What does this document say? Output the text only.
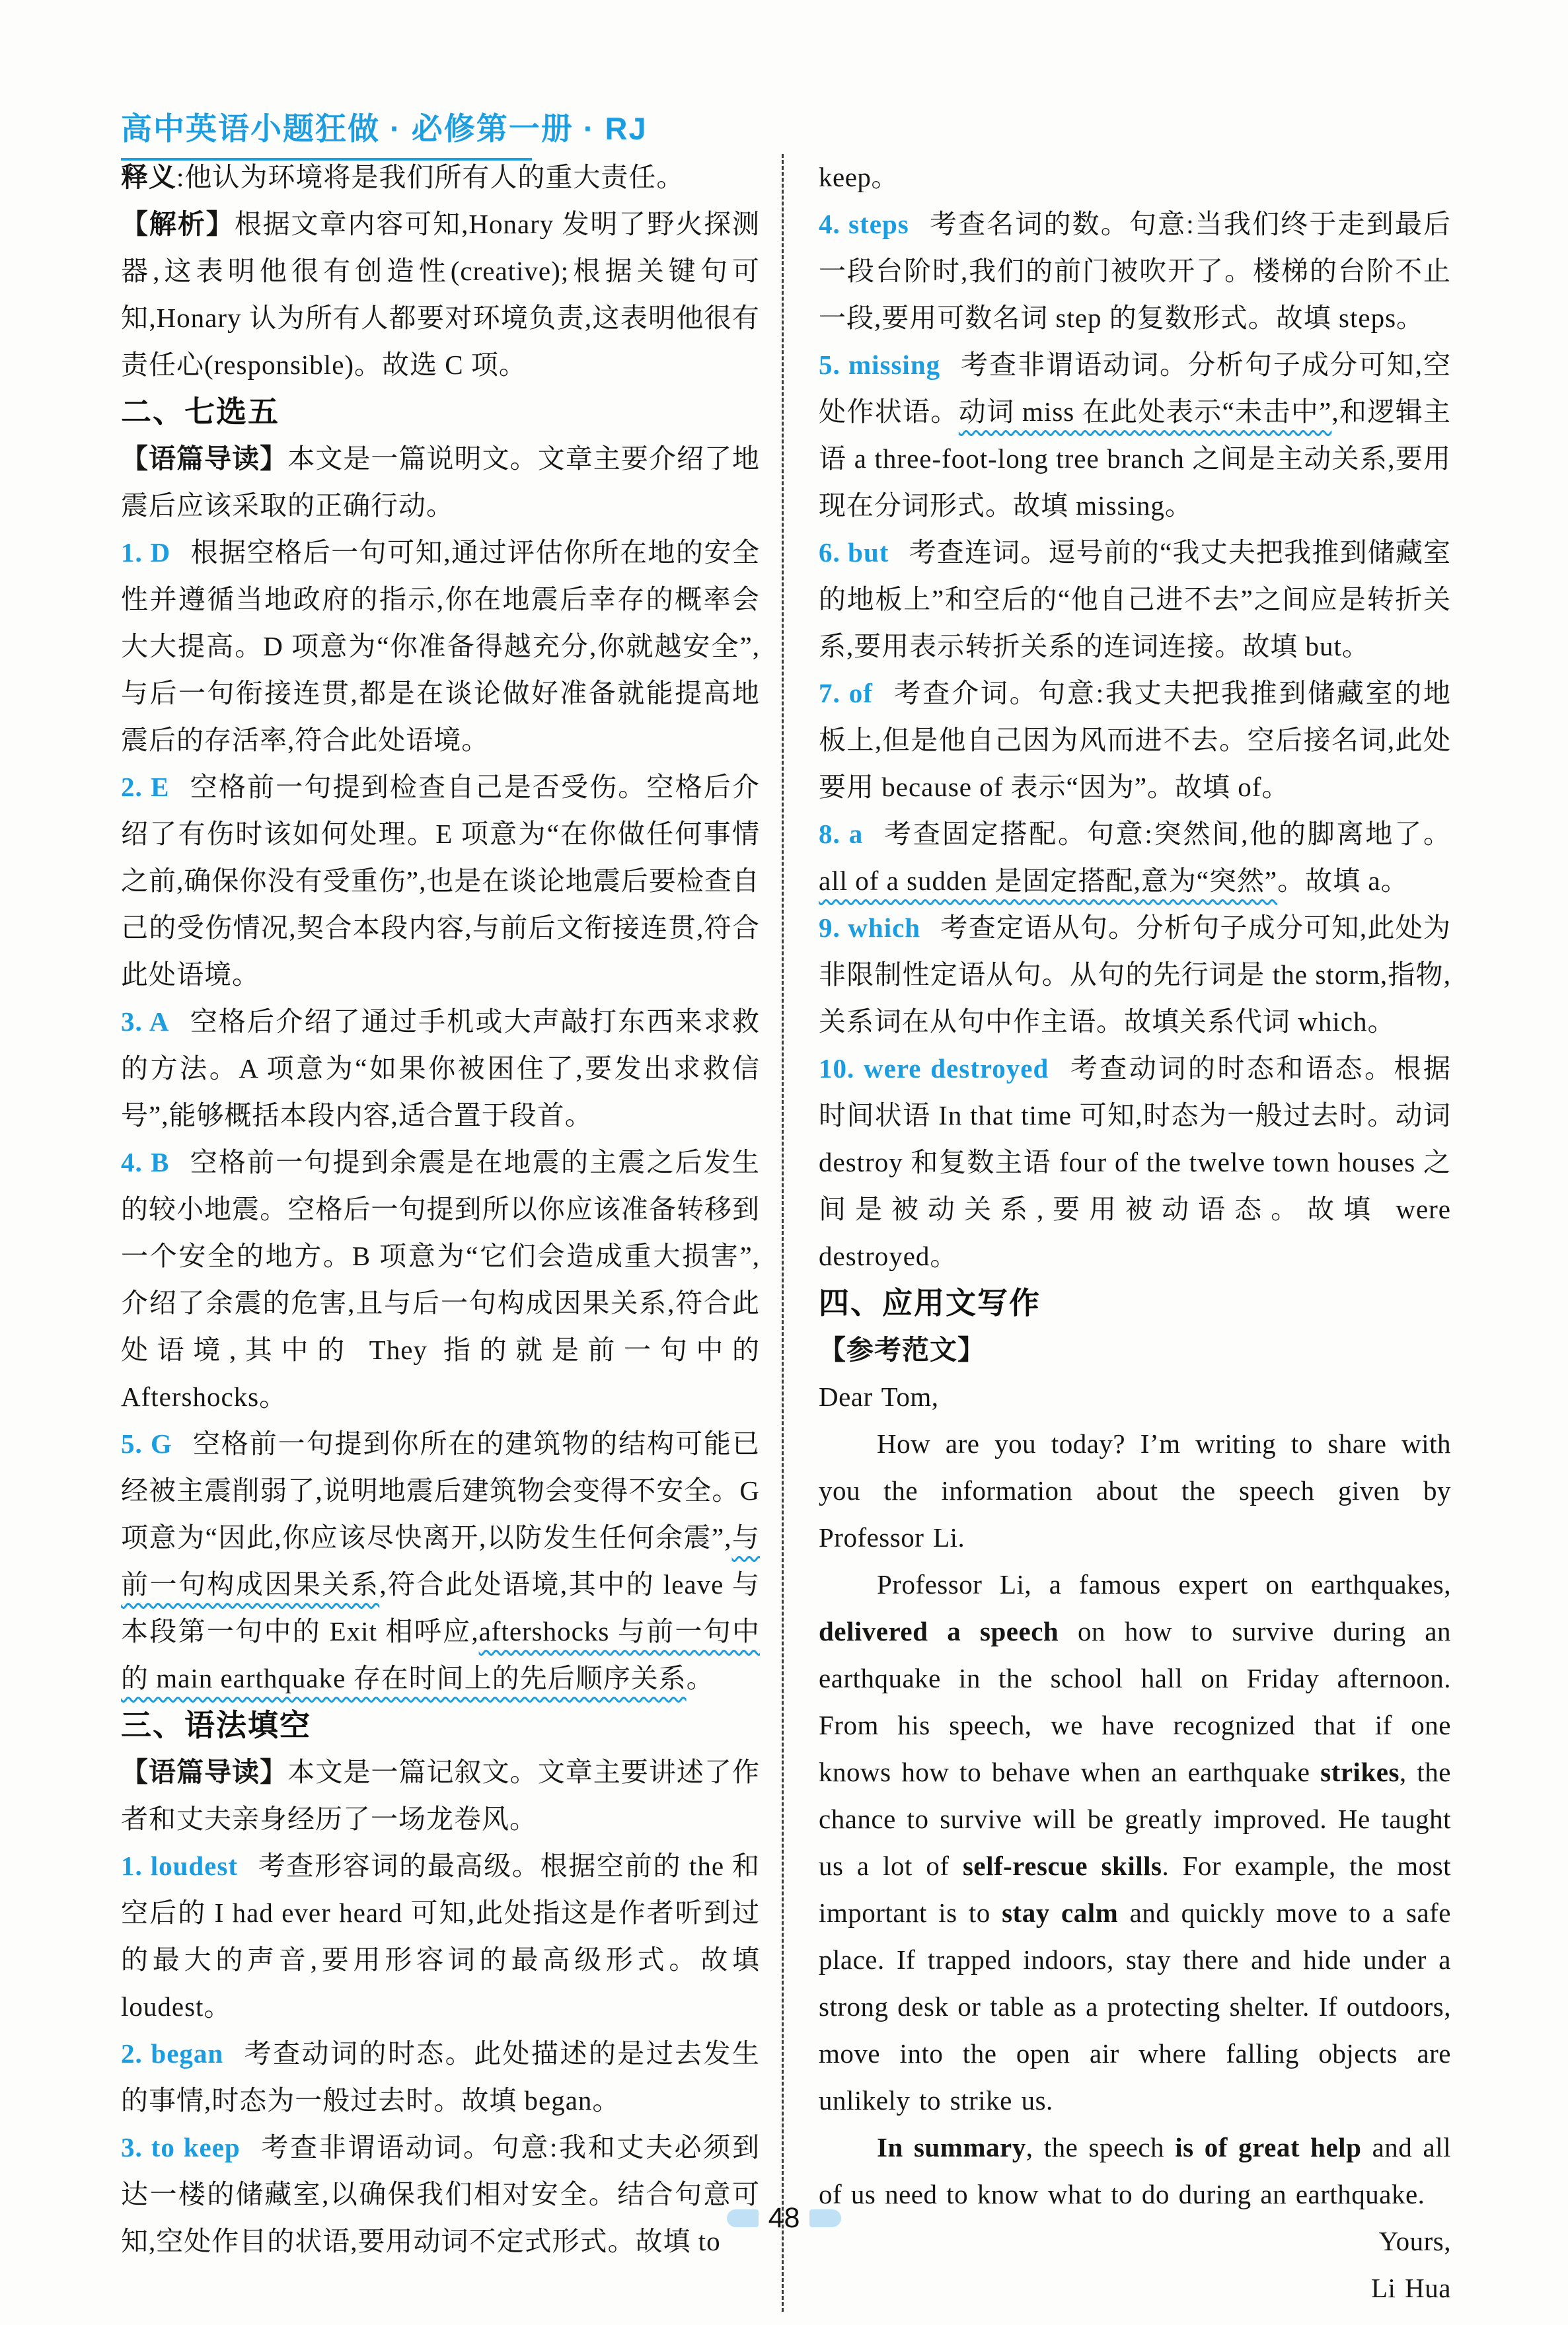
高中英语小题狂做 · 必修第一册 · RJ

释义:他认为环境将是我们所有人的重大责任。

【解析】根据文章内容可知,Honary 发明了野火探测器,这表明他很有创造性(creative);根据关键句可知,Honary 认为所有人都要对环境负责,这表明他很有责任心(responsible)。故选 C 项。

二、七选五

【语篇导读】本文是一篇说明文。文章主要介绍了地震后应该采取的正确行动。

1. D 根据空格后一句可知,通过评估你所在地的安全性并遵循当地政府的指示,你在地震后幸存的概率会大大提高。D 项意为“你准备得越充分,你就越安全”,与后一句衔接连贯,都是在谈论做好准备就能提高地震后的存活率,符合此处语境。

2. E 空格前一句提到检查自己是否受伤。空格后介绍了有伤时该如何处理。E 项意为“在你做任何事情之前,确保你没有受重伤”,也是在谈论地震后要检查自己的受伤情况,契合本段内容,与前后文衔接连贯,符合此处语境。

3. A 空格后介绍了通过手机或大声敲打东西来求救的方法。A 项意为“如果你被困住了,要发出求救信号”,能够概括本段内容,适合置于段首。

4. B 空格前一句提到余震是在地震的主震之后发生的较小地震。空格后一句提到所以你应该准备转移到一个安全的地方。B 项意为“它们会造成重大损害”,介绍了余震的危害,且与后一句构成因果关系,符合此处语境,其中的 They 指的就是前一句中的 Aftershocks。

5. G 空格前一句提到你所在的建筑物的结构可能已经被主震削弱了,说明地震后建筑物会变得不安全。G 项意为“因此,你应该尽快离开,以防发生任何余震”,与前一句构成因果关系,符合此处语境,其中的 leave 与本段第一句中的 Exit 相呼应,aftershocks 与前一句中的 main earthquake 存在时间上的先后顺序关系。

三、语法填空

【语篇导读】本文是一篇记叙文。文章主要讲述了作者和丈夫亲身经历了一场龙卷风。

1. loudest 考查形容词的最高级。根据空前的 the 和空后的 I had ever heard 可知,此处指这是作者听到过的最大的声音,要用形容词的最高级形式。故填 loudest。

2. began 考查动词的时态。此处描述的是过去发生的事情,时态为一般过去时。故填 began。

3. to keep 考查非谓语动词。句意:我和丈夫必须到达一楼的储藏室,以确保我们相对安全。结合句意可知,空处作目的状语,要用动词不定式形式。故填 to

keep。

4. steps 考查名词的数。句意:当我们终于走到最后一段台阶时,我们的前门被吹开了。楼梯的台阶不止一段,要用可数名词 step 的复数形式。故填 steps。

5. missing 考查非谓语动词。分析句子成分可知,空处作状语。动词 miss 在此处表示“未击中”,和逻辑主语 a three-foot-long tree branch 之间是主动关系,要用现在分词形式。故填 missing。

6. but 考查连词。逗号前的“我丈夫把我推到储藏室的地板上”和空后的“他自己进不去”之间应是转折关系,要用表示转折关系的连词连接。故填 but。

7. of 考查介词。句意:我丈夫把我推到储藏室的地板上,但是他自己因为风而进不去。空后接名词,此处要用 because of 表示“因为”。故填 of。

8. a 考查固定搭配。句意:突然间,他的脚离地了。all of a sudden 是固定搭配,意为“突然”。故填 a。

9. which 考查定语从句。分析句子成分可知,此处为非限制性定语从句。从句的先行词是 the storm,指物,关系词在从句中作主语。故填关系代词 which。

10. were destroyed 考查动词的时态和语态。根据时间状语 In that time 可知,时态为一般过去时。动词 destroy 和复数主语 four of the twelve town houses 之间是被动关系,要用被动语态。故填 were destroyed。

四、应用文写作

【参考范文】

Dear Tom,

How are you today? I’m writing to share with you the information about the speech given by Professor Li.

Professor Li, a famous expert on earthquakes, delivered a speech on how to survive during an earthquake in the school hall on Friday afternoon. From his speech, we have recognized that if one knows how to behave when an earthquake strikes, the chance to survive will be greatly improved. He taught us a lot of self-rescue skills. For example, the most important is to stay calm and quickly move to a safe place. If trapped indoors, stay there and hide under a strong desk or table as a protecting shelter. If outdoors, move into the open air where falling objects are unlikely to strike us.

In summary, the speech is of great help and all of us need to know what to do during an earthquake.

Yours,

Li Hua

48
